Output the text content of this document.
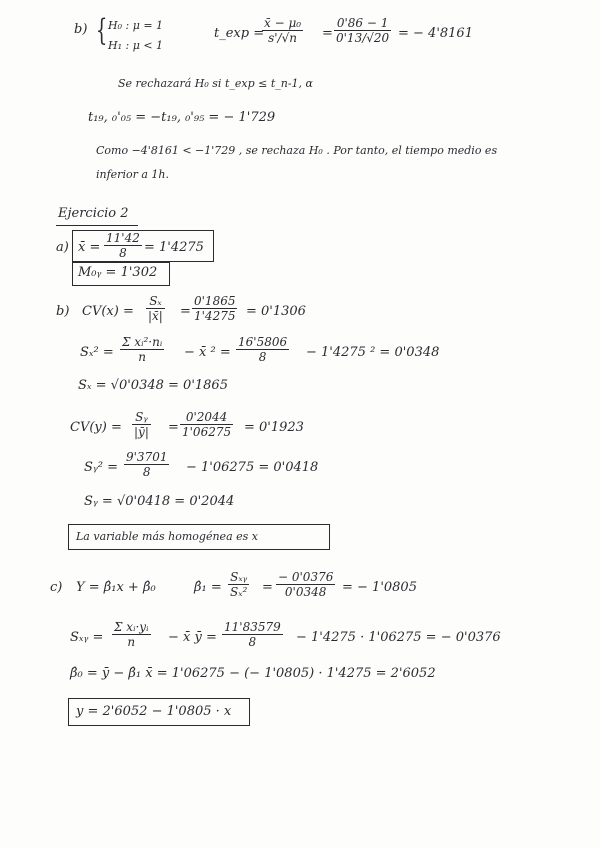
b) { H₀ : μ = 1
H₁ : μ < 1
t_exp =
$\frac{\text{x̄ − μ₀}}{s'/√n} = \frac{0'86 - 1}{0'13/√20}$ = − 4'8161
Se rechazará H₀ si t_exp ≤ t_n-1, α
t₁₉, ₀'₀₅ = −t₁₉, ₀'₉₅ = − 1'729
Como −4'8161 < −1'729 , se rechaza H₀ . Por tanto, el tiempo medio es
inferior a 1h.
Ejercicio 2
a) x̄ = $\frac{11'42}{8} = 1'4275$
M₀ᵧ = 1'302
b) $CV(x) = \frac{\text{Sₓ}}{|x̄|} = \frac{0'1865}{1'4275} = 0'1306$
$S_x^2 = \frac{\text{Σ xᵢ²·nᵢ}}{n}$ − x̄ $^2 = \frac{16'5806}{8} - 1'4275$ ² = 0'0348
Sₓ = √0'0348 = 0'1865
$CV(y) = \frac{\text{Sᵧ}}{|ȳ|} = \frac{0'2044}{1'06275} = 0'1923$
Sᵧ² = $\frac{9'3701}{8} - 1'06275 = 0'0418$
Sᵧ = √0'0418 = 0'2044
La variable más homogénea es x
c) Y = β̂₁x + β̂₀	β̂₁ =
Sₓᵧ
$S_x^2 = \frac{- 0'0376}{0'0348}$ = − 1'0805
Sₓᵧ = $\frac{\text{Σ xᵢ·yᵢ}}{n}$ − x̄ ȳ = $\frac{11'83579}{8} - 1'4275 \cdot 1'06275$ = − 0'0376
β̂₀ = ȳ − β̂₁ x̄ = 1'06275 − (− 1'0805) · 1'4275 = 2'6052
y = 2'6052 − 1'0805 · x
